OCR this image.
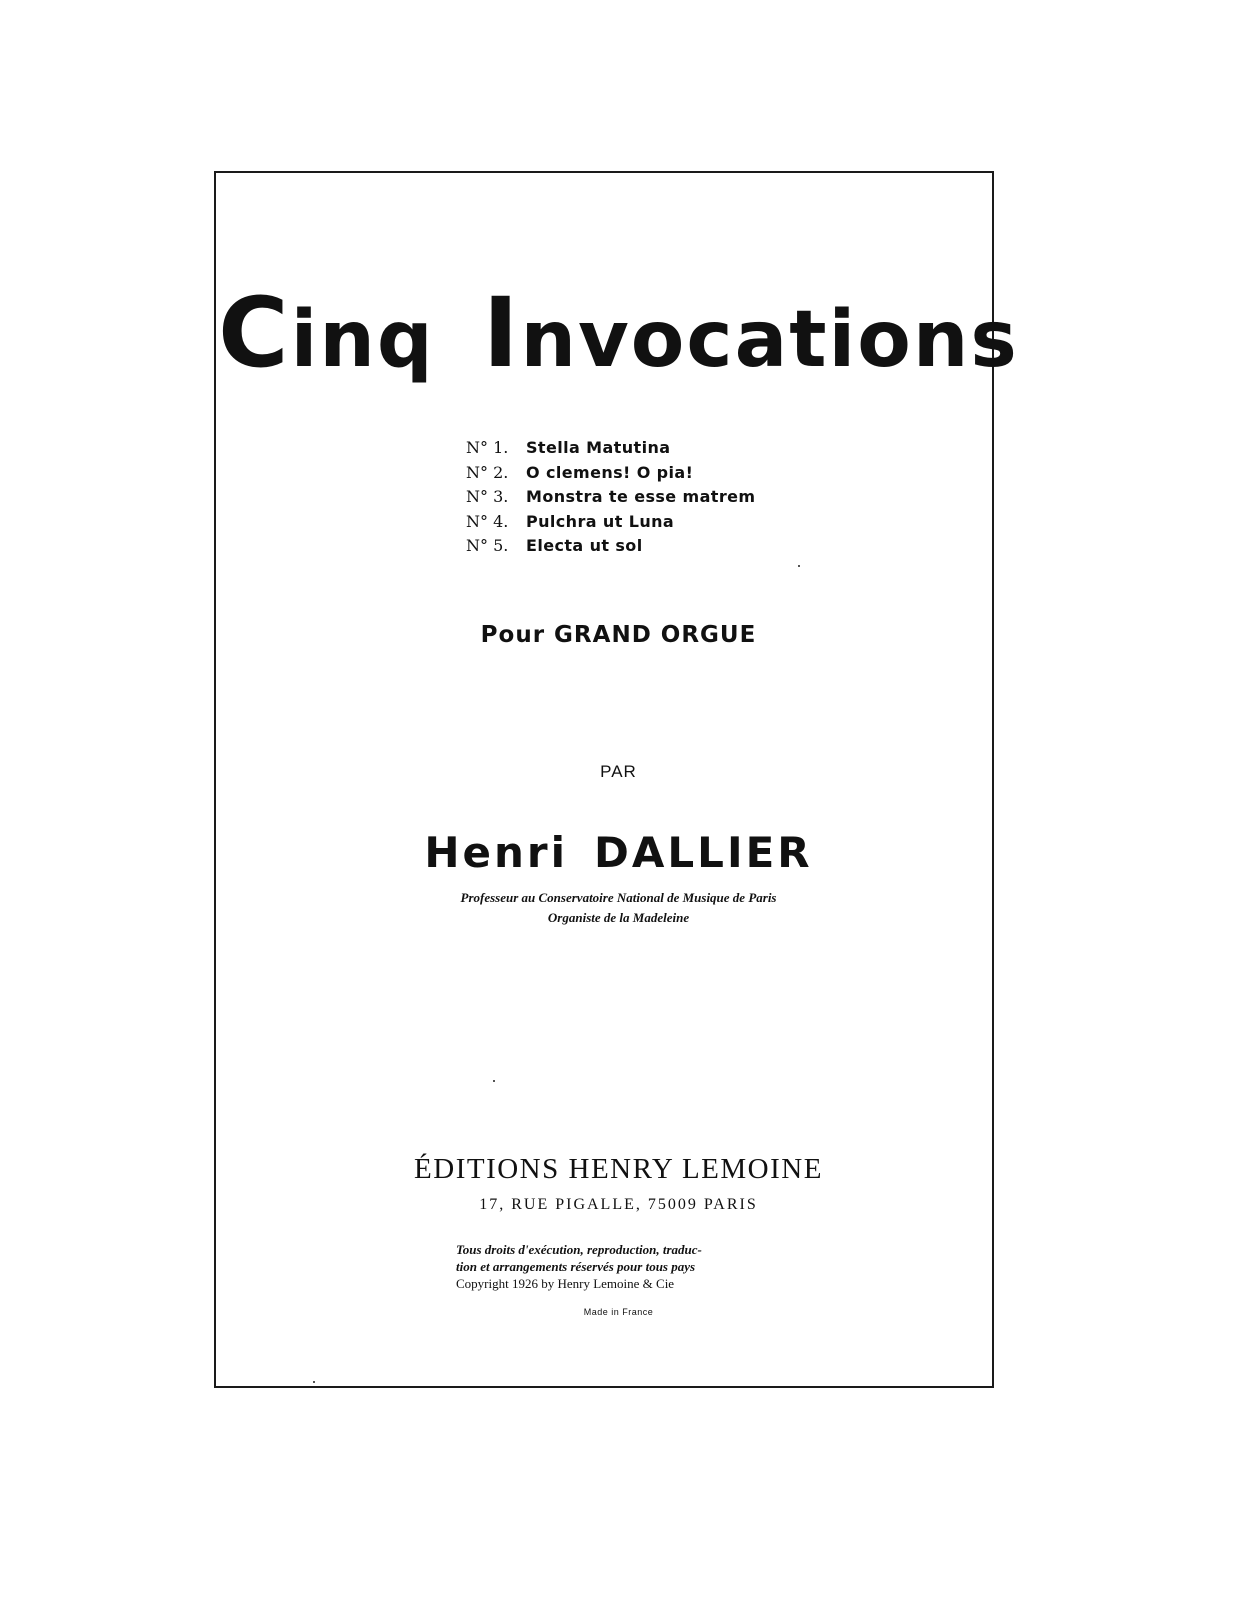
Cinq Invocations
N° 1. Stella Matutina
N° 2. O clemens! O pia!
N° 3. Monstra te esse matrem
N° 4. Pulchra ut Luna
N° 5. Electa ut sol
Pour GRAND ORGUE
PAR
Henri DALLIER
Professeur au Conservatoire National de Musique de Paris
Organiste de la Madeleine
ÉDITIONS HENRY LEMOINE
17, RUE PIGALLE, 75009 PARIS
Tous droits d'exécution, reproduction, traduc-
tion et arrangements réservés pour tous pays
Copyright 1926 by Henry Lemoine & Cie
Made in France
